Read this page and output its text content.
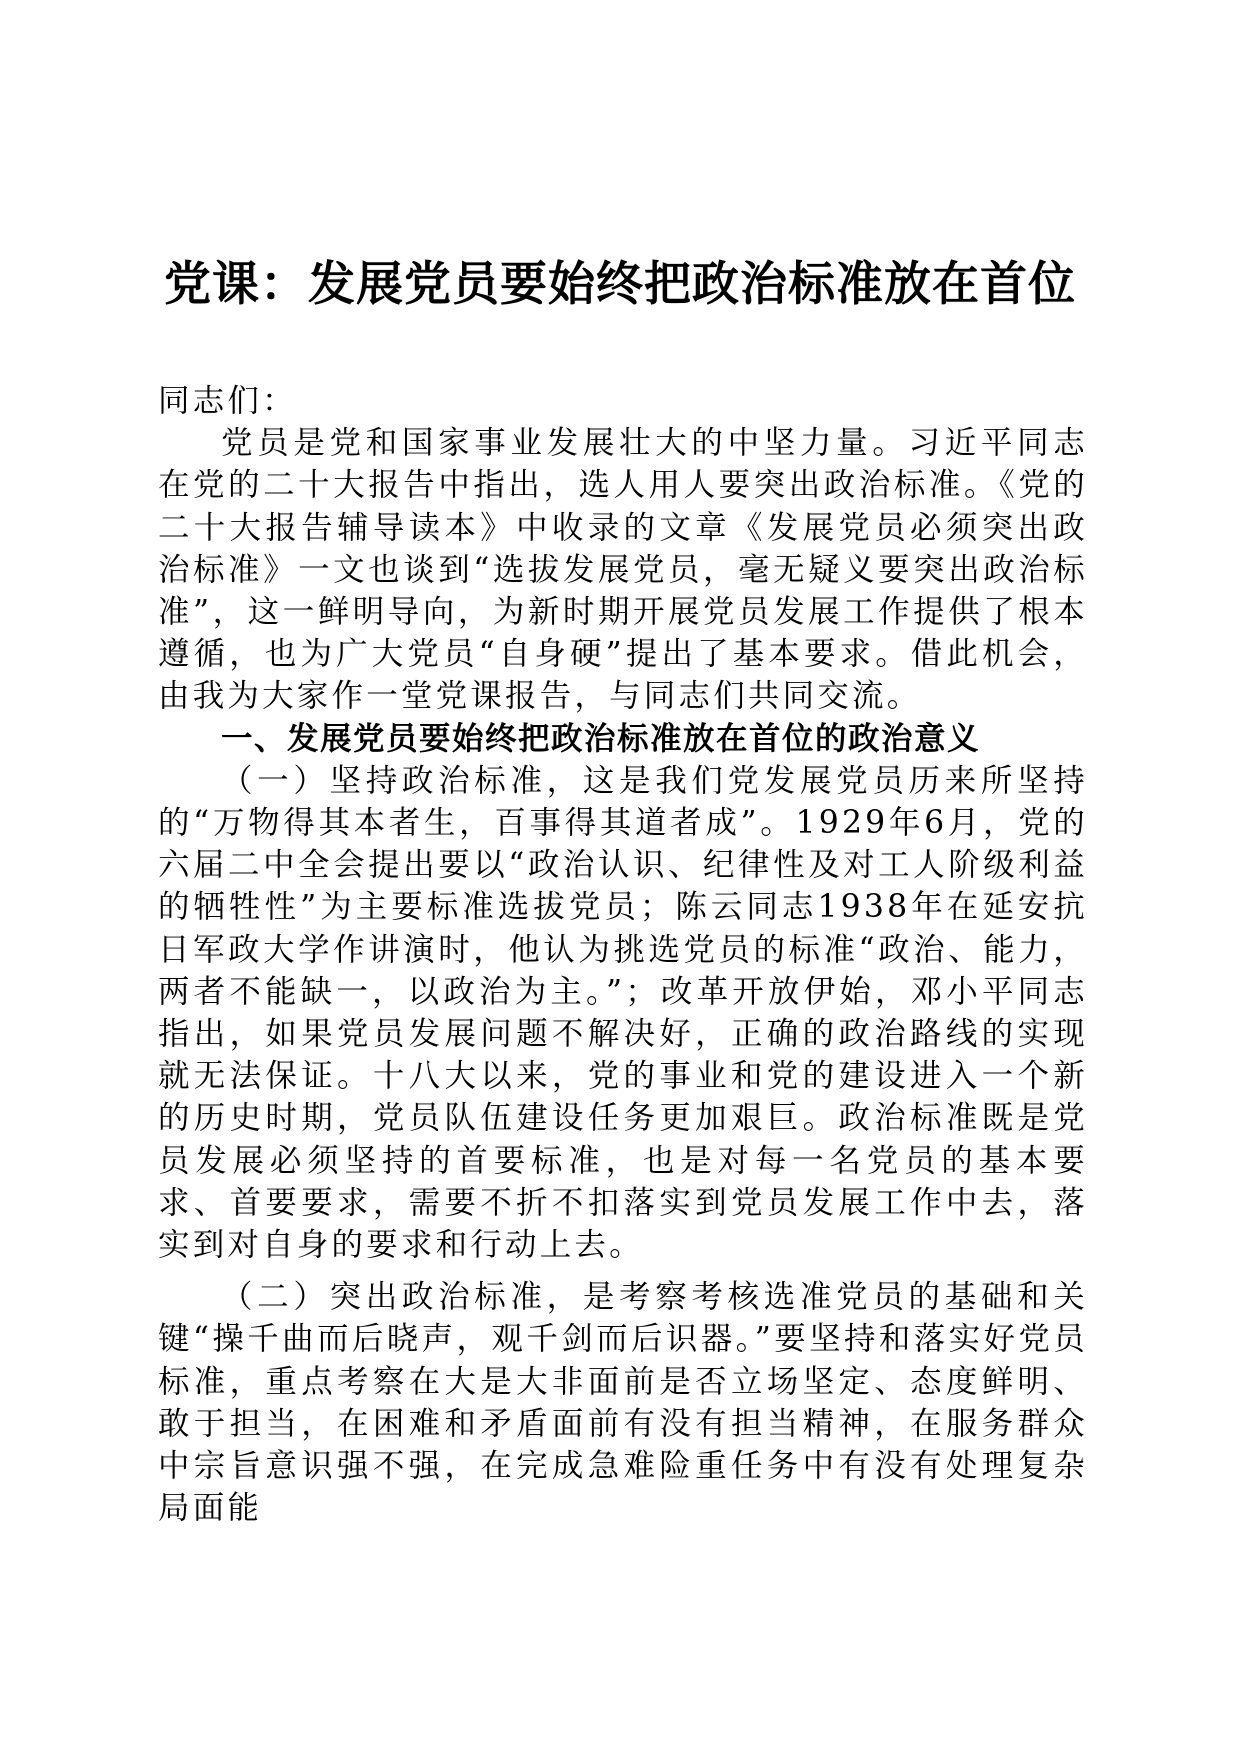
党课：发展党员要始终把政治标准放在首位

同志们：

党员是党和国家事业发展壮大的中坚力量。习近平同志在党的二十大报告中指出，选人用人要突出政治标准。《党的二十大报告辅导读本》中收录的文章《发展党员必须突出政治标准》一文也谈到“选拔发展党员，毫无疑义要突出政治标准”，这一鲜明导向，为新时期开展党员发展工作提供了根本遵循，也为广大党员“自身硬”提出了基本要求。借此机会，由我为大家作一堂党课报告，与同志们共同交流。

一、发展党员要始终把政治标准放在首位的政治意义

（一）坚持政治标准，这是我们党发展党员历来所坚持的“万物得其本者生，百事得其道者成”。1929年6月，党的六届二中全会提出要以“政治认识、纪律性及对工人阶级利益的牺牲性”为主要标准选拔党员；陈云同志1938年在延安抗日军政大学作讲演时，他认为挑选党员的标准“政治、能力，两者不能缺一，以政治为主。”；改革开放伊始，邓小平同志指出，如果党员发展问题不解决好，正确的政治路线的实现就无法保证。十八大以来，党的事业和党的建设进入一个新的历史时期，党员队伍建设任务更加艰巨。政治标准既是党员发展必须坚持的首要标准，也是对每一名党员的基本要求、首要要求，需要不折不扣落实到党员发展工作中去，落实到对自身的要求和行动上去。

（二）突出政治标准，是考察考核选准党员的基础和关键“操千曲而后晓声，观千剑而后识器。”要坚持和落实好党员标准，重点考察在大是大非面前是否立场坚定、态度鲜明、敢于担当，在困难和矛盾面前有没有担当精神，在服务群众中宗旨意识强不强，在完成急难险重任务中有没有处理复杂局面能
